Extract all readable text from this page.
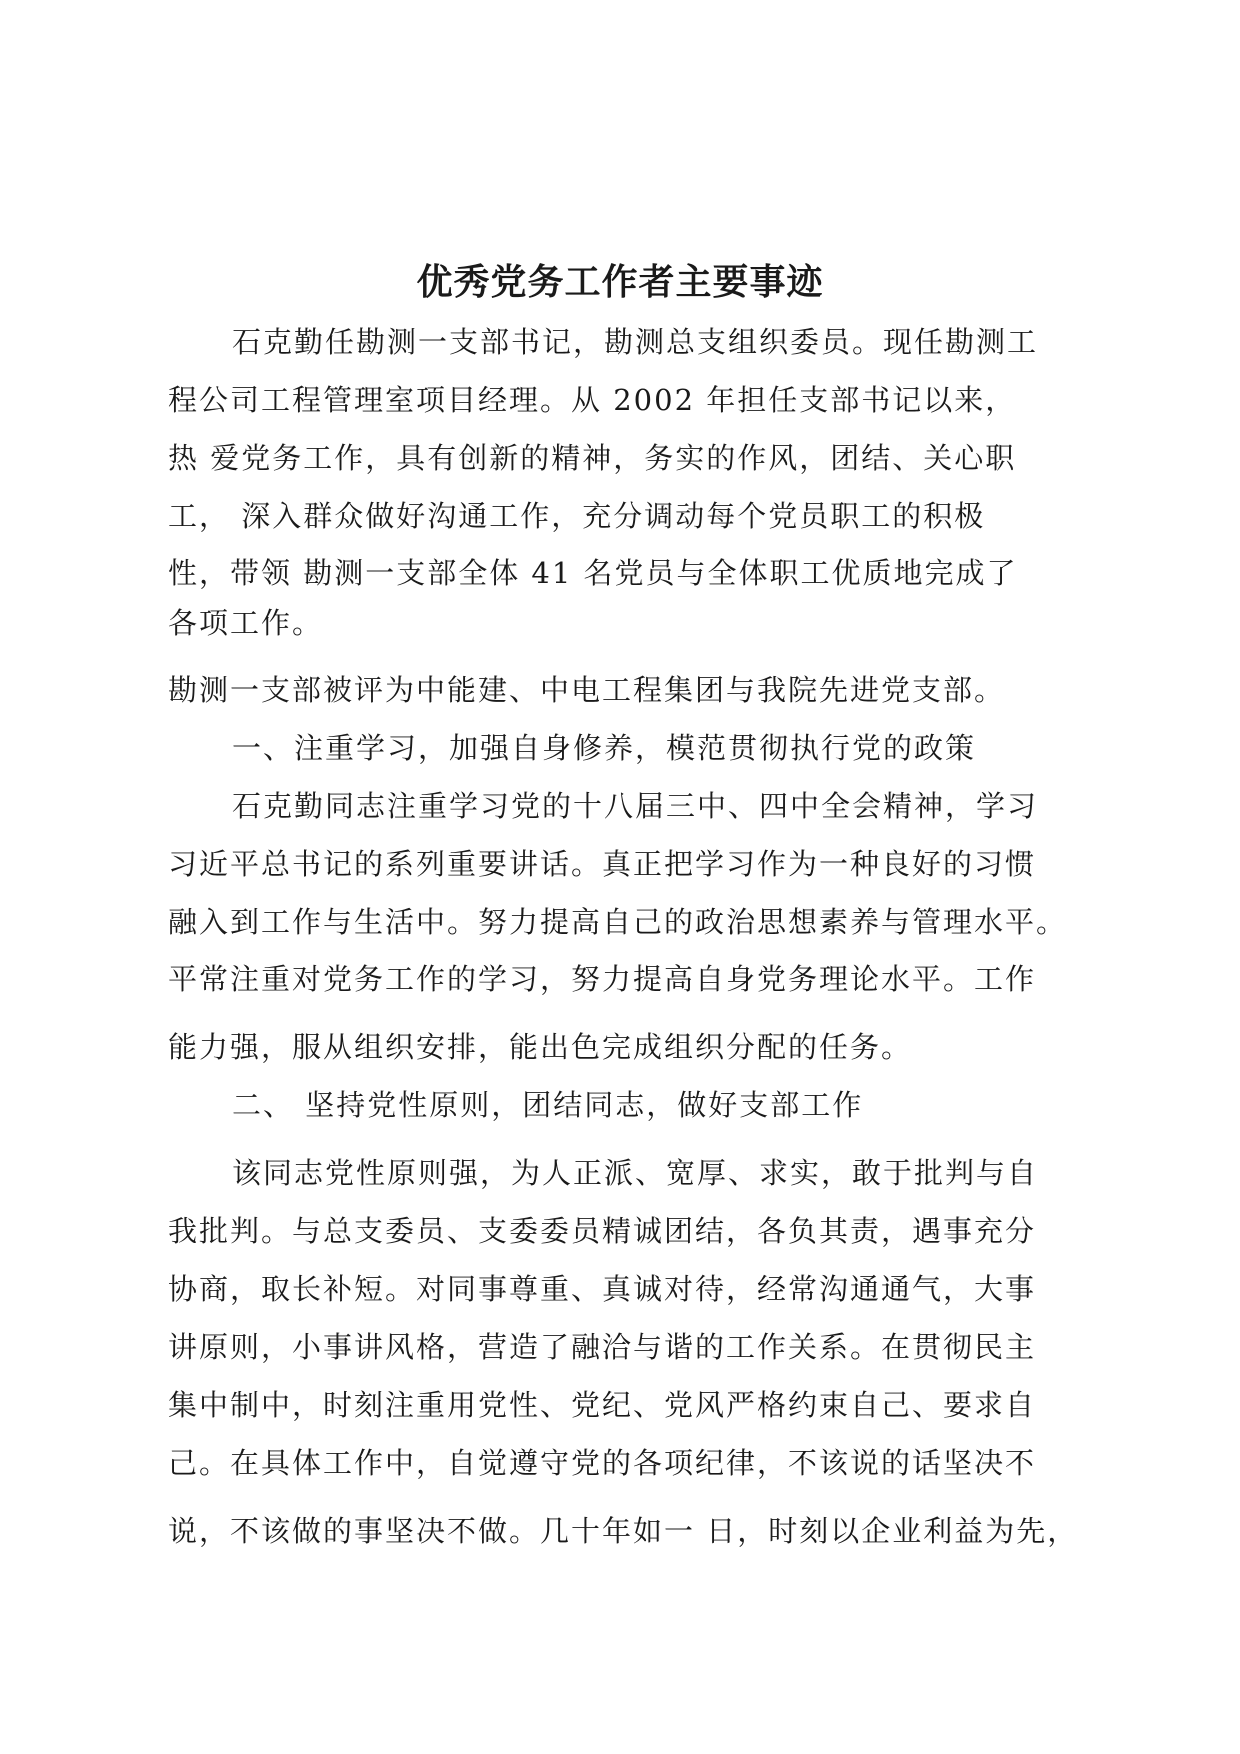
优秀党务工作者主要事迹
石克勤任勘测一支部书记，勘测总支组织委员。现任勘测工
程公司工程管理室项目经理。从 2002 年担任支部书记以来，
热 爱党务工作，具有创新的精神，务实的作风，团结、关心职
工， 深入群众做好沟通工作，充分调动每个党员职工的积极
性，带领 勘测一支部全体 41 名党员与全体职工优质地完成了
各项工作。
勘测一支部被评为中能建、中电工程集团与我院先进党支部。
一、注重学习，加强自身修养，模范贯彻执行党的政策
石克勤同志注重学习党的十八届三中、四中全会精神，学习
习近平总书记的系列重要讲话。真正把学习作为一种良好的习惯
融入到工作与生活中。努力提高自己的政治思想素养与管理水平。
平常注重对党务工作的学习，努力提高自身党务理论水平。工作
能力强，服从组织安排，能出色完成组织分配的任务。
二、 坚持党性原则，团结同志，做好支部工作
该同志党性原则强，为人正派、宽厚、求实，敢于批判与自
我批判。与总支委员、支委委员精诚团结，各负其责，遇事充分
协商，取长补短。对同事尊重、真诚对待，经常沟通通气，大事
讲原则，小事讲风格，营造了融洽与谐的工作关系。在贯彻民主
集中制中，时刻注重用党性、党纪、党风严格约束自己、要求自
己。在具体工作中，自觉遵守党的各项纪律，不该说的话坚决不
说，不该做的事坚决不做。几十年如一 日，时刻以企业利益为先，
